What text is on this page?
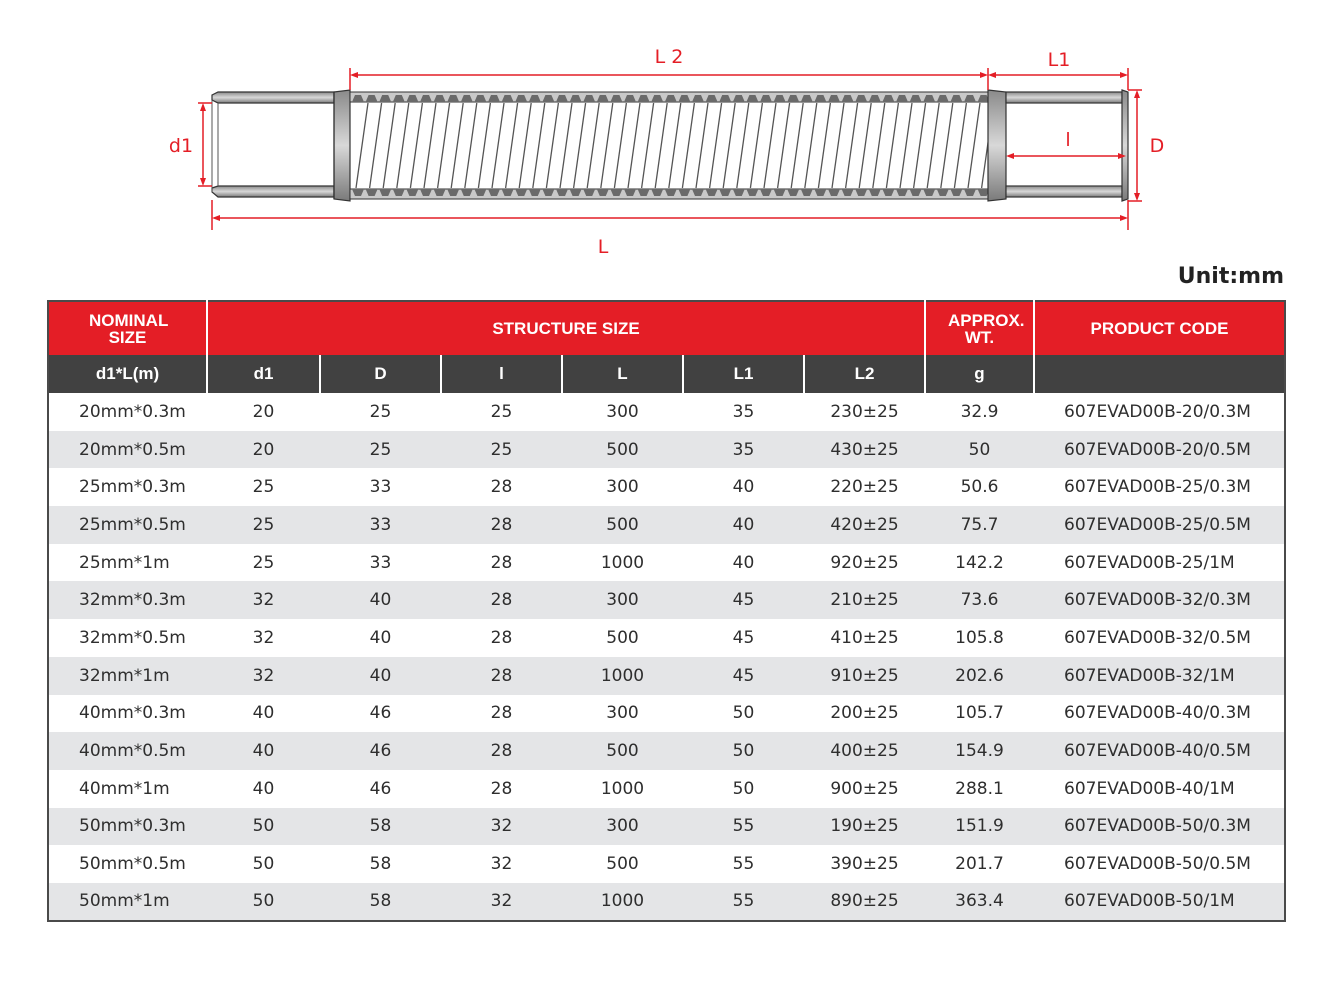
L 2	L1
d1	D
l
L
Unit:mm
NOMINAL SIZE	STRUCTURE SIZE						APPROX. WT.	PRODUCT CODE
d1*L(m)	d1	D	l	L	L1	L2	g	
20mm*0.3m	20	25	25	300	35	230±25	32.9	607EVAD00B-20/0.3M
20mm*0.5m	20	25	25	500	35	430±25	50	607EVAD00B-20/0.5M
25mm*0.3m	25	33	28	300	40	220±25	50.6	607EVAD00B-25/0.3M
25mm*0.5m	25	33	28	500	40	420±25	75.7	607EVAD00B-25/0.5M
25mm*1m	25	33	28	1000	40	920±25	142.2	607EVAD00B-25/1M
32mm*0.3m	32	40	28	300	45	210±25	73.6	607EVAD00B-32/0.3M
32mm*0.5m	32	40	28	500	45	410±25	105.8	607EVAD00B-32/0.5M
32mm*1m	32	40	28	1000	45	910±25	202.6	607EVAD00B-32/1M
40mm*0.3m	40	46	28	300	50	200±25	105.7	607EVAD00B-40/0.3M
40mm*0.5m	40	46	28	500	50	400±25	154.9	607EVAD00B-40/0.5M
40mm*1m	40	46	28	1000	50	900±25	288.1	607EVAD00B-40/1M
50mm*0.3m	50	58	32	300	55	190±25	151.9	607EVAD00B-50/0.3M
50mm*0.5m	50	58	32	500	55	390±25	201.7	607EVAD00B-50/0.5M
50mm*1m	50	58	32	1000	55	890±25	363.4	607EVAD00B-50/1M
